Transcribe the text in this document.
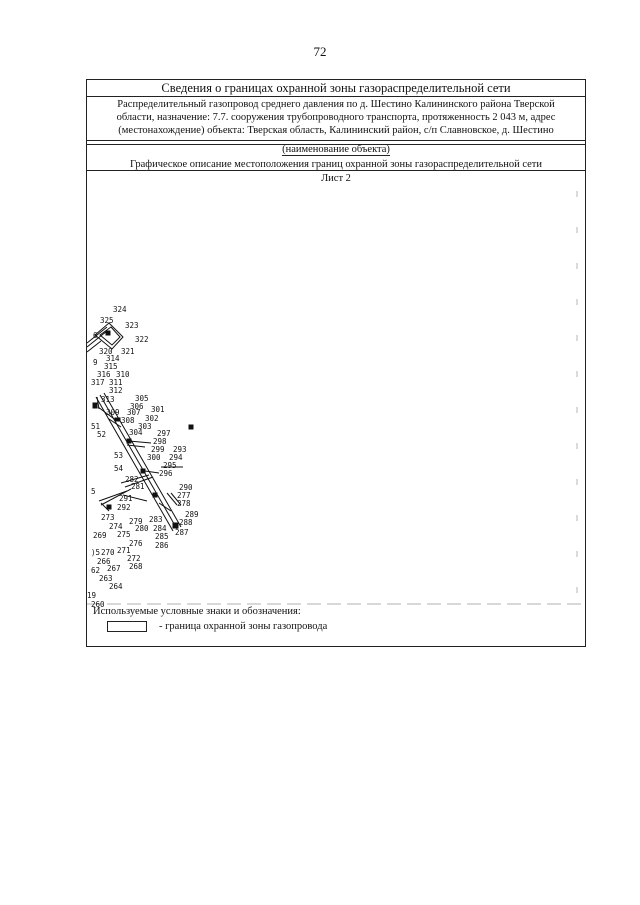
72
Сведения о границах охранной зоны газораспределительной сети
Распределительный газопровод среднего давления по д. Шестино Калининского района Тверской
области, назначение: 7.7. сооружения трубопроводного транспорта, протяженность 2 043 м, адрес
(местонахождение) объекта: Тверская область, Калининский район, с/п Славновское, д. Шестино
(наименование объекта)
Графическое описание местоположения границ охранной зоны газораспределительной сети
Лист 2
324
325
323
6	322
320 321
9 314
315
316 310
317 311
312
313	305
306
309 307 301
308 302
51	303
52	304 297
298
299 293
53	300 294
54	295
296
282
5
281	290
291	277
292	278
273
274
279 283
289
280 284
288
269 275	285 287
276 286
)5 270 271
266 272
62 267 268
263
264
19
260
Используемые условные знаки и обозначения:
- граница охранной зоны газопровода
